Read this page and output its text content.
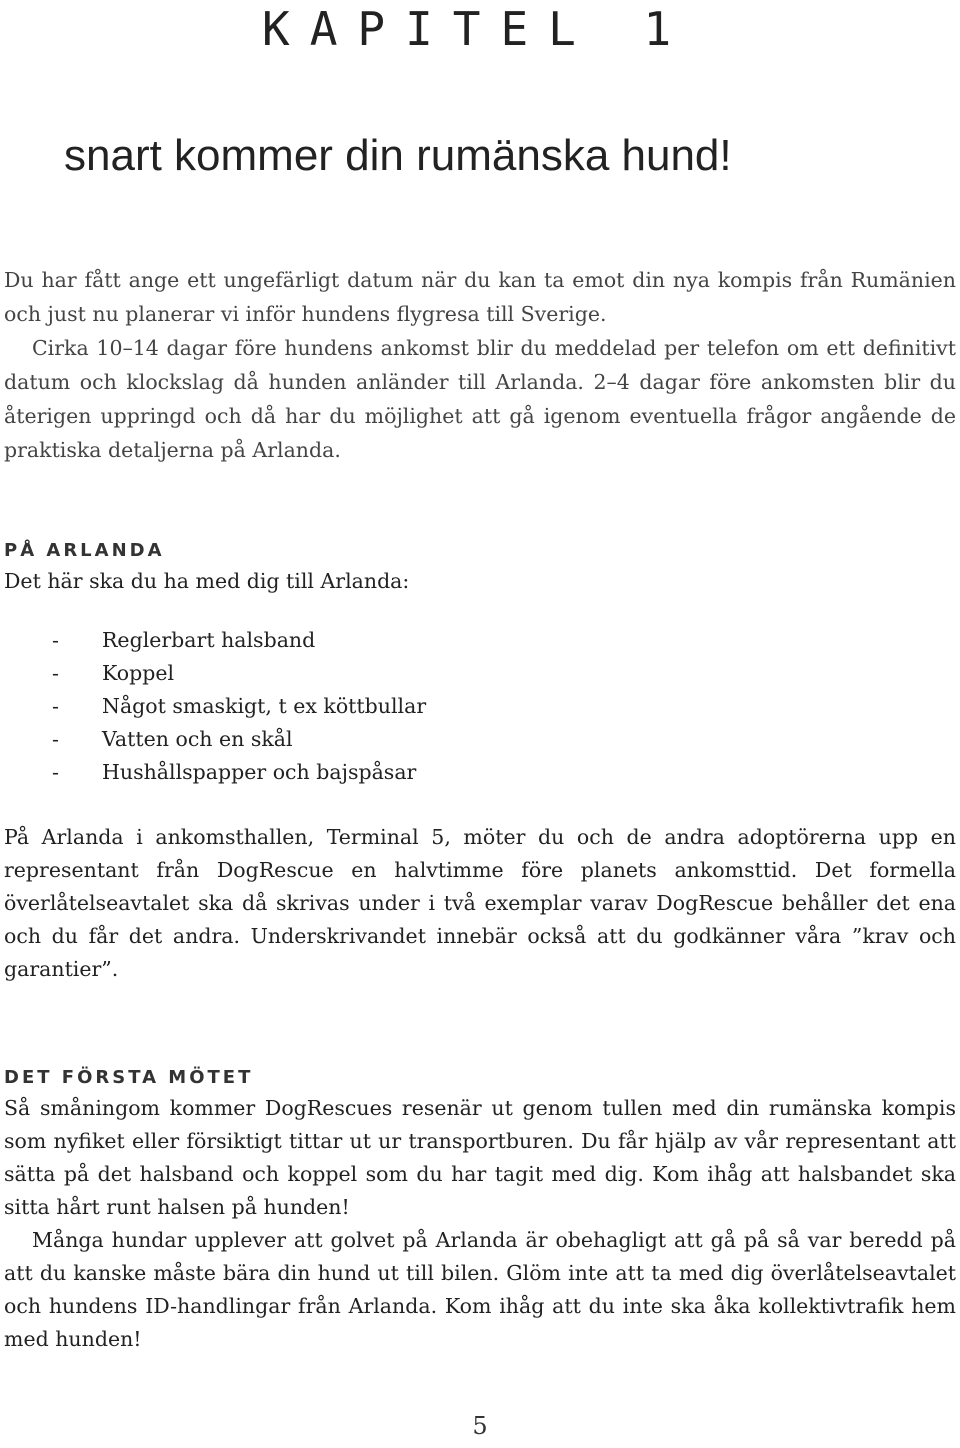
KAPITEL 1
snart kommer din rumänska hund!

Du har fått ange ett ungefärligt datum när du kan ta emot din nya kompis från Rumänien och just nu planerar vi inför hundens flygresa till Sverige.

Cirka 10–14 dagar före hundens ankomst blir du meddelad per telefon om ett definitivt datum och klockslag då hunden anländer till Arlanda. 2–4 dagar före ankomsten blir du återigen uppringd och då har du möjlighet att gå igenom eventuella frågor angående de praktiska detaljerna på Arlanda.

PÅ ARLANDA

Det här ska du ha med dig till Arlanda:

-	Reglerbart halsband
-	Koppel
-	Något smaskigt, t ex köttbullar
-	Vatten och en skål
-	Hushållspapper och bajspåsar

På Arlanda i ankomsthallen, Terminal 5, möter du och de andra adoptörerna upp en representant från DogRescue en halvtimme före planets ankomsttid. Det formella överlåtelseavtalet ska då skrivas under i två exemplar varav DogRescue behåller det ena och du får det andra. Underskrivandet innebär också att du godkänner våra ”krav och garantier”.

DET FÖRSTA MÖTET

Så småningom kommer DogRescues resenär ut genom tullen med din rumänska kompis som nyfiket eller försiktigt tittar ut ur transportburen. Du får hjälp av vår representant att sätta på det halsband och koppel som du har tagit med dig. Kom ihåg att halsbandet ska sitta hårt runt halsen på hunden!

Många hundar upplever att golvet på Arlanda är obehagligt att gå på så var beredd på att du kanske måste bära din hund ut till bilen. Glöm inte att ta med dig överlåtelseavtalet och hundens ID-handlingar från Arlanda. Kom ihåg att du inte ska åka kollektivtrafik hem med hunden!

5
